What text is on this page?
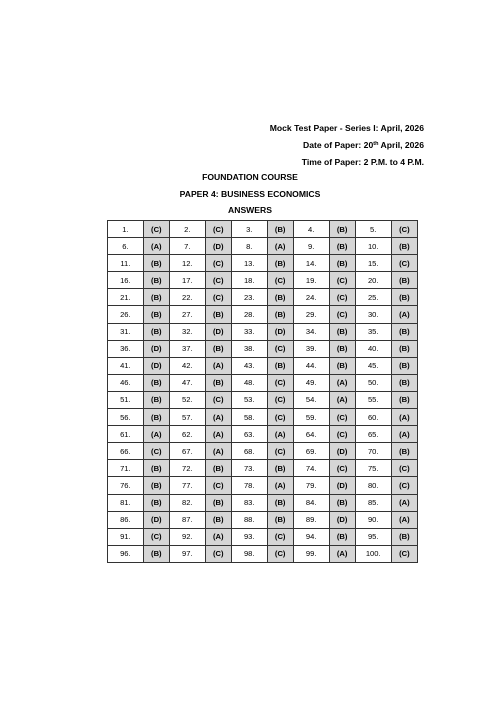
Mock Test Paper - Series I: April, 2026
Date of Paper: 20th April, 2026
Time of Paper: 2 P.M. to 4 P.M.
FOUNDATION COURSE
PAPER 4: BUSINESS ECONOMICS
ANSWERS
1.	(C)	2.	(C)	3.	(B)	4.	(B)	5.	(C)
6.	(A)	7.	(D)	8.	(A)	9.	(B)	10.	(B)
11.	(B)	12.	(C)	13.	(B)	14.	(B)	15.	(C)
16.	(B)	17.	(C)	18.	(C)	19.	(C)	20.	(B)
21.	(B)	22.	(C)	23.	(B)	24.	(C)	25.	(B)
26.	(B)	27.	(B)	28.	(B)	29.	(C)	30.	(A)
31.	(B)	32.	(D)	33.	(D)	34.	(B)	35.	(B)
36.	(D)	37.	(B)	38.	(C)	39.	(B)	40.	(B)
41.	(D)	42.	(A)	43.	(B)	44.	(B)	45.	(B)
46.	(B)	47.	(B)	48.	(C)	49.	(A)	50.	(B)
51.	(B)	52.	(C)	53.	(C)	54.	(A)	55.	(B)
56.	(B)	57.	(A)	58.	(C)	59.	(C)	60.	(A)
61.	(A)	62.	(A)	63.	(A)	64.	(C)	65.	(A)
66.	(C)	67.	(A)	68.	(C)	69.	(D)	70.	(B)
71.	(B)	72.	(B)	73.	(B)	74.	(C)	75.	(C)
76.	(B)	77.	(C)	78.	(A)	79.	(D)	80.	(C)
81.	(B)	82.	(B)	83.	(B)	84.	(B)	85.	(A)
86.	(D)	87.	(B)	88.	(B)	89.	(D)	90.	(A)
91.	(C)	92.	(A)	93.	(C)	94.	(B)	95.	(B)
96.	(B)	97.	(C)	98.	(C)	99.	(A)	100.	(C)
